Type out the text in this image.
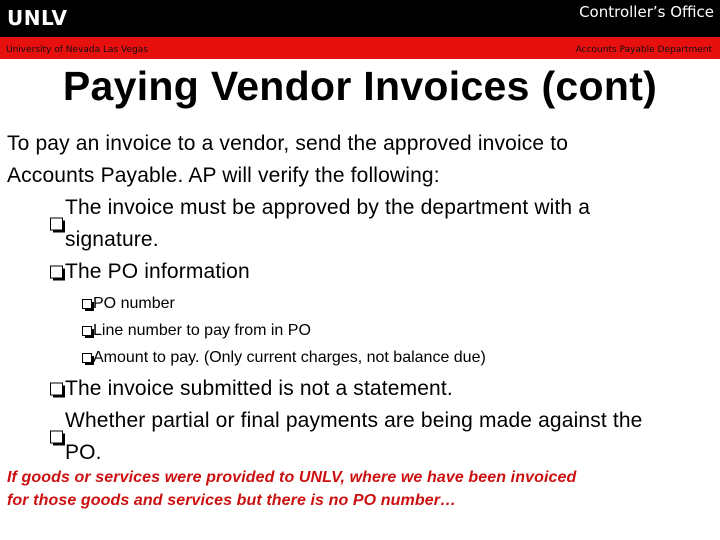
UNLV	Controller’s Office
University of Nevada Las Vegas	Accounts Payable Department
Paying Vendor Invoices (cont)

To pay an invoice to a vendor, send the approved invoice to
Accounts Payable. AP will verify the following:

The invoice must be approved by the department with a
signature.
The PO information
PO number
Line number to pay from in PO
Amount to pay. (Only current charges, not balance due)
The invoice submitted is not a statement.
Whether partial or final payments are being made against the
PO.
If goods or services were provided to UNLV, where we have been invoiced
for those goods and services but there is no PO number…
